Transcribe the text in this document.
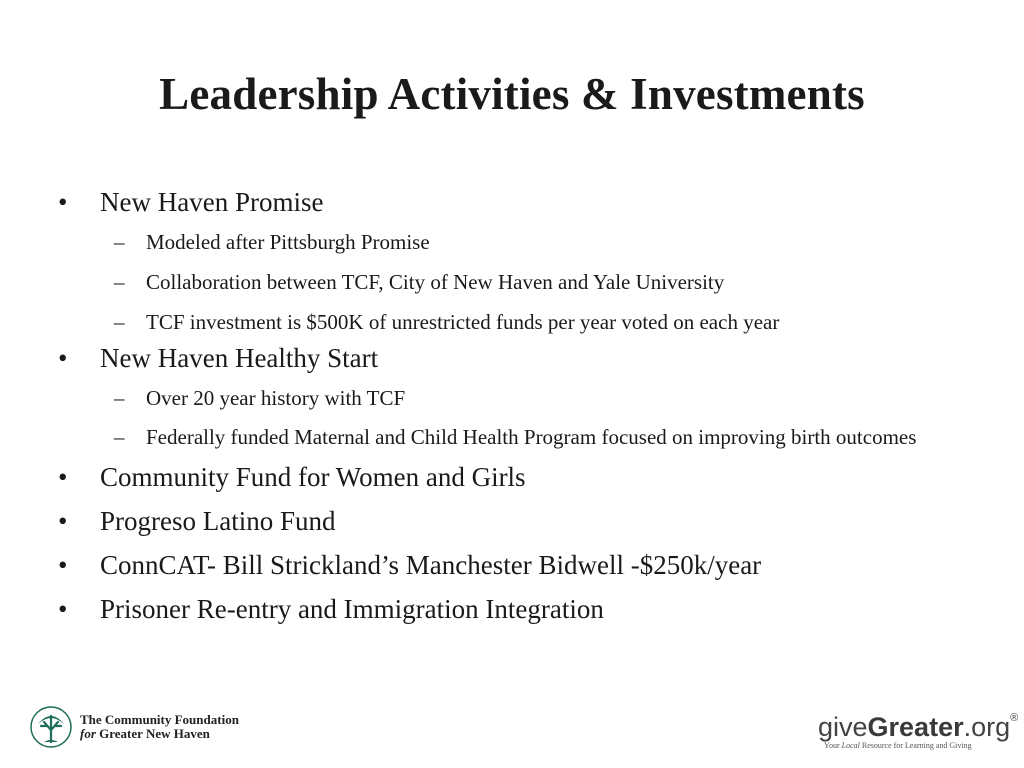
Leadership Activities & Investments
• New Haven Promise
– Modeled after Pittsburgh Promise
– Collaboration between TCF, City of New Haven and Yale University
– TCF investment is $500K of unrestricted funds per year voted on each year
• New Haven Healthy Start
– Over 20 year history with TCF
– Federally funded Maternal and Child Health Program focused on improving birth outcomes
• Community Fund for Women and Girls
• Progreso Latino Fund
• ConnCAT- Bill Strickland’s Manchester Bidwell -$250k/year
• Prisoner Re-entry and Immigration Integration
The Community Foundation
for Greater New Haven	giveGreater.org®
Your Local Resource for Learning and Giving
